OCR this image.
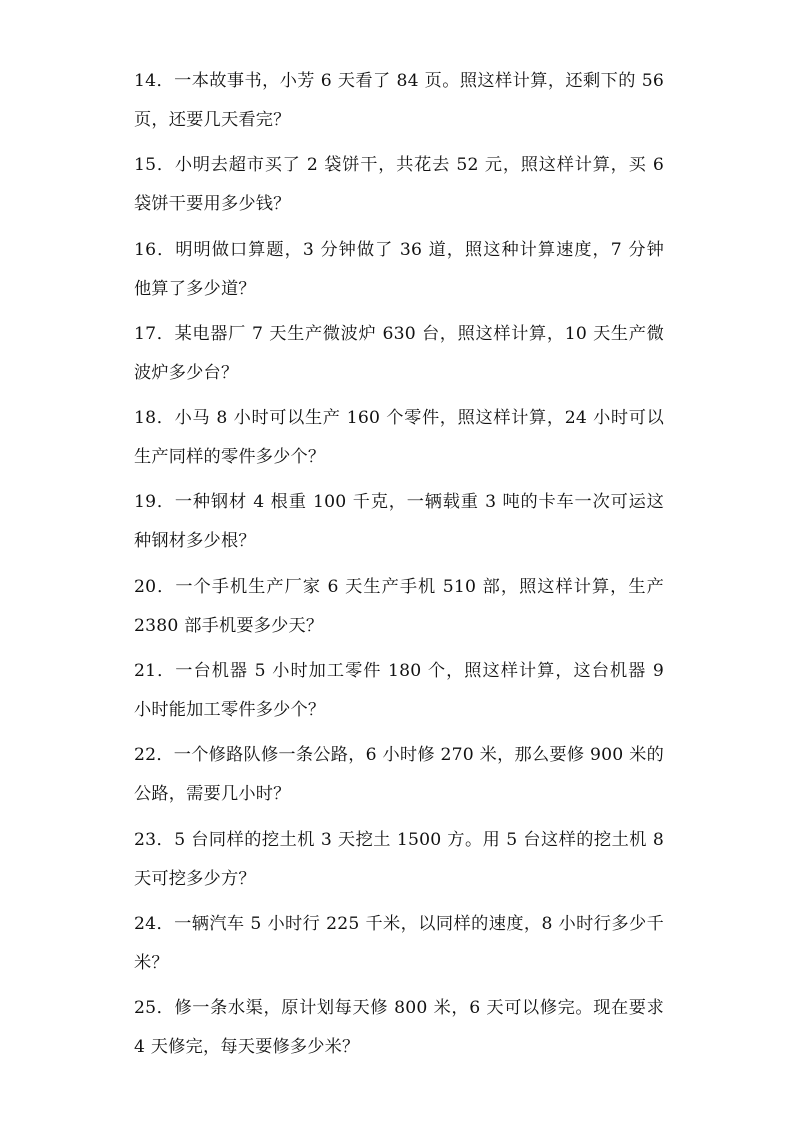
14．一本故事书，小芳 6 天看了 84 页。照这样计算，还剩下的 56
页，还要几天看完？
15．小明去超市买了 2 袋饼干，共花去 52 元，照这样计算，买 6
袋饼干要用多少钱？
16．明明做口算题，3 分钟做了 36 道，照这种计算速度，7 分钟
他算了多少道？
17．某电器厂 7 天生产微波炉 630 台，照这样计算，10 天生产微
波炉多少台？
18．小马 8 小时可以生产 160 个零件，照这样计算，24 小时可以
生产同样的零件多少个？
19．一种钢材 4 根重 100 千克，一辆载重 3 吨的卡车一次可运这
种钢材多少根？
20．一个手机生产厂家 6 天生产手机 510 部，照这样计算，生产
2380 部手机要多少天？
21．一台机器 5 小时加工零件 180 个，照这样计算，这台机器 9
小时能加工零件多少个？
22．一个修路队修一条公路，6 小时修 270 米，那么要修 900 米的
公路，需要几小时？
23．5 台同样的挖土机 3 天挖土 1500 方。用 5 台这样的挖土机 8
天可挖多少方？
24．一辆汽车 5 小时行 225 千米，以同样的速度，8 小时行多少千
米？
25．修一条水渠，原计划每天修 800 米，6 天可以修完。现在要求
4 天修完，每天要修多少米？
